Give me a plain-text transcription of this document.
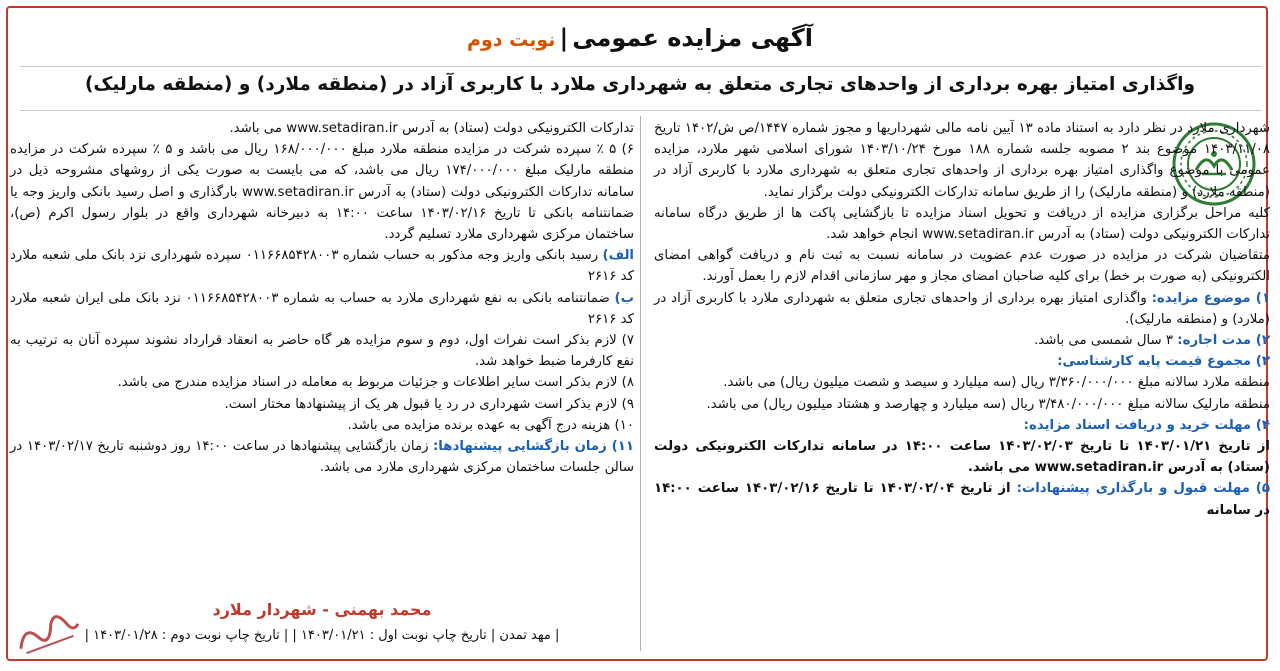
آگهی مزایده عمومی|نوبت دوم
واگذاری امتیاز بهره برداری از واحدهای تجاری متعلق به شهرداری ملارد با کاربری آزاد در (منطقه ملارد) و (منطقه مارلیک)

شهرداری ملارد در نظر دارد به استناد ماده ۱۳ آیین نامه مالی شهرداریها و مجوز شماره ۱۴۴۷/ص ش/۱۴۰۲ تاریخ ۱۴۰۳/۱۱/۰۸ موضوع بند ۲ مصوبه جلسه شماره ۱۸۸ مورخ ۱۴۰۳/۱۰/۲۴ شورای اسلامی شهر ملارد، مزایده عمومی با موضوع واگذاری امتیاز بهره برداری از واحدهای تجاری متعلق به شهرداری ملارد با کاربری آزاد در (منطقه ملارد) و (منطقه مارلیک) را از طریق سامانه تدارکات الکترونیکی دولت برگزار نماید.

کلیه مراحل برگزاری مزایده از دریافت و تحویل اسناد مزایده تا بازگشایی پاکت ها از طریق درگاه سامانه تدارکات الکترونیکی دولت (ستاد) به آدرس www.setadiran.ir انجام خواهد شد.

متقاضیان شرکت در مزایده در صورت عدم عضویت در سامانه نسبت به ثبت نام و دریافت گواهی امضای الکترونیکی (به صورت بر خط) برای کلیه صاحبان امضای مجاز و مهر سازمانی اقدام لازم را بعمل آورند.

۱) موضوع مزایده: واگذاری امتیاز بهره برداری از واحدهای تجاری متعلق به شهرداری ملارد با کاربری آزاد در (ملارد) و (منطقه مارلیک).

۲) مدت اجاره: ۳ سال شمسی می باشد.

۳) مجموع قیمت پایه کارشناسی:

منطقه ملارد سالانه مبلغ ۳/۳۶۰/۰۰۰/۰۰۰ ریال (سه میلیارد و سیصد و شصت میلیون ریال) می باشد.

منطقه مارلیک سالانه مبلغ ۳/۴۸۰/۰۰۰/۰۰۰ ریال (سه میلیارد و چهارصد و هشتاد میلیون ریال) می باشد.

۴) مهلت خرید و دریافت اسناد مزایده:

از تاریخ ۱۴۰۳/۰۱/۲۱ تا تاریخ ۱۴۰۳/۰۲/۰۳ ساعت ۱۴:۰۰ در سامانه تدارکات الکترونیکی دولت (ستاد) به آدرس www.setadiran.ir می باشد.

۵) مهلت قبول و بارگذاری پیشنهادات: از تاریخ ۱۴۰۳/۰۲/۰۴ تا تاریخ ۱۴۰۳/۰۲/۱۶ ساعت ۱۴:۰۰ در سامانه

تدارکات الکترونیکی دولت (ستاد) به آدرس www.setadiran.ir می باشد.

۶) ۵ ٪ سپرده شرکت در مزایده منطقه ملارد مبلغ ۱۶۸/۰۰۰/۰۰۰ ریال می باشد و ۵ ٪ سپرده شرکت در مزایده منطقه مارلیک مبلغ ۱۷۴/۰۰۰/۰۰۰ ریال می باشد، که می بایست به صورت یکی از روشهای مشروحه ذیل در سامانه تدارکات الکترونیکی دولت (ستاد) به آدرس www.setadiran.ir بارگذاری و اصل رسید بانکی واریز وجه یا ضمانتنامه بانکی تا تاریخ ۱۴۰۳/۰۲/۱۶ ساعت ۱۴:۰۰ به دبیرخانه شهرداری واقع در بلوار رسول اکرم (ص)، ساختمان مرکزی شهرداری ملارد تسلیم گردد.

الف) رسید بانکی واریز وجه مذکور به حساب شماره ۰۱۱۶۶۸۵۴۲۸۰۰۳ سپرده شهرداری نزد بانک ملی شعبه ملارد کد ۲۶۱۶

ب) ضمانتنامه بانکی به نفع شهرداری ملارد به حساب به شماره ۰۱۱۶۶۸۵۴۲۸۰۰۳ نزد بانک ملی ایران شعبه ملارد کد ۲۶۱۶

۷) لازم بذکر است نفرات اول، دوم و سوم مزایده هر گاه حاضر به انعقاد قرارداد نشوند سپرده آنان به ترتیب به نفع کارفرما ضبط خواهد شد.

۸) لازم بذکر است سایر اطلاعات و جزئیات مربوط به معامله در اسناد مزایده مندرج می باشد.

۹) لازم بذکر است شهرداری در رد یا قبول هر یک از پیشنهادها مختار است.

۱۰) هزینه درج آگهی به عهده برنده مزایده می باشد.

۱۱) زمان بازگشایی پیشنهادها: زمان بازگشایی پیشنهادها در ساعت ۱۴:۰۰ روز دوشنبه تاریخ ۱۴۰۳/۰۲/۱۷ در سالن جلسات ساختمان مرکزی شهرداری ملارد می باشد.

محمد بهمنی - شهردار ملارد
| مهد تمدن | تاریخ چاپ نوبت اول : ۱۴۰۳/۰۱/۲۱ | | تاریخ چاپ نوبت دوم : ۱۴۰۳/۰۱/۲۸ |
